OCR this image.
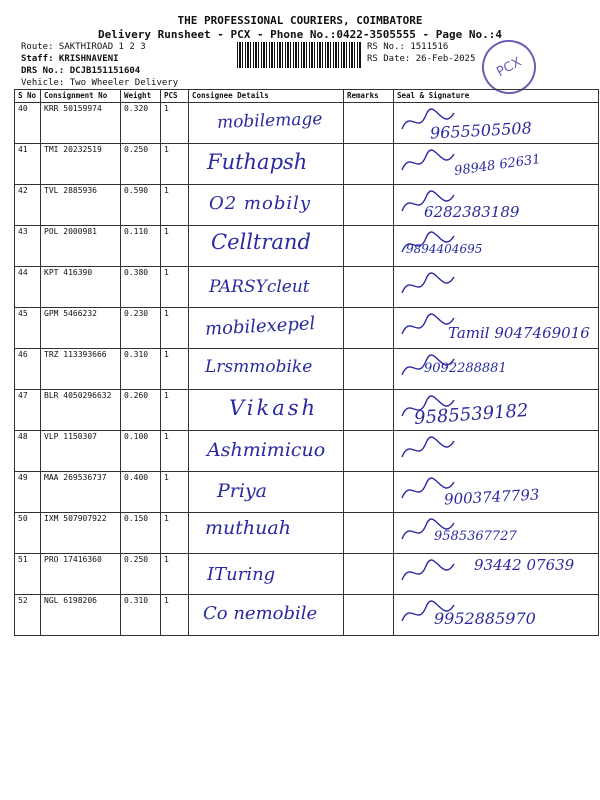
THE PROFESSIONAL COURIERS, COIMBATORE
Delivery Runsheet - PCX - Phone No.:0422-3505555 - Page No.:4
Route: SAKTHIROAD 1 2 3
Staff: KRISHNAVENI
DRS No.: DCJB151151604
Vehicle: Two Wheeler Delivery
RS No.: 1511516
RS Date: 26-Feb-2025 PCX
S No	Consignment No	Weight	PCS	Consignee Details	Remarks	Seal & Signature
40	KRR 50159974	0.320	1	mobilemage		9655505508

41	TMI 20232519	0.250	1	Futhapsh		98948 62631

42	TVL 2885936	0.590	1	O2 mobily		6282383189

43	POL 2000981	0.110	1	Celltrand		9894404695

44	KPT 416390	0.380	1	PARSYcleut

45	GPM 5466232	0.230	1	mobilexepel		Tamil 9047469016

46	TRZ 113393666	0.310	1	Lrsmmobike		9092288881

47	BLR 4050296632	0.260	1	Vikash		9585539182

48	VLP 1150307	0.100	1	Ashmimicuo

49	MAA 269536737	0.400	1	Priya		9003747793

50	IXM 507907922	0.150	1	muthuah		9585367727

51	PRO 17416360	0.250	1	ITuring		93442 07639

52	NGL 6198206	0.310	1	Co nemobile		9952885970
